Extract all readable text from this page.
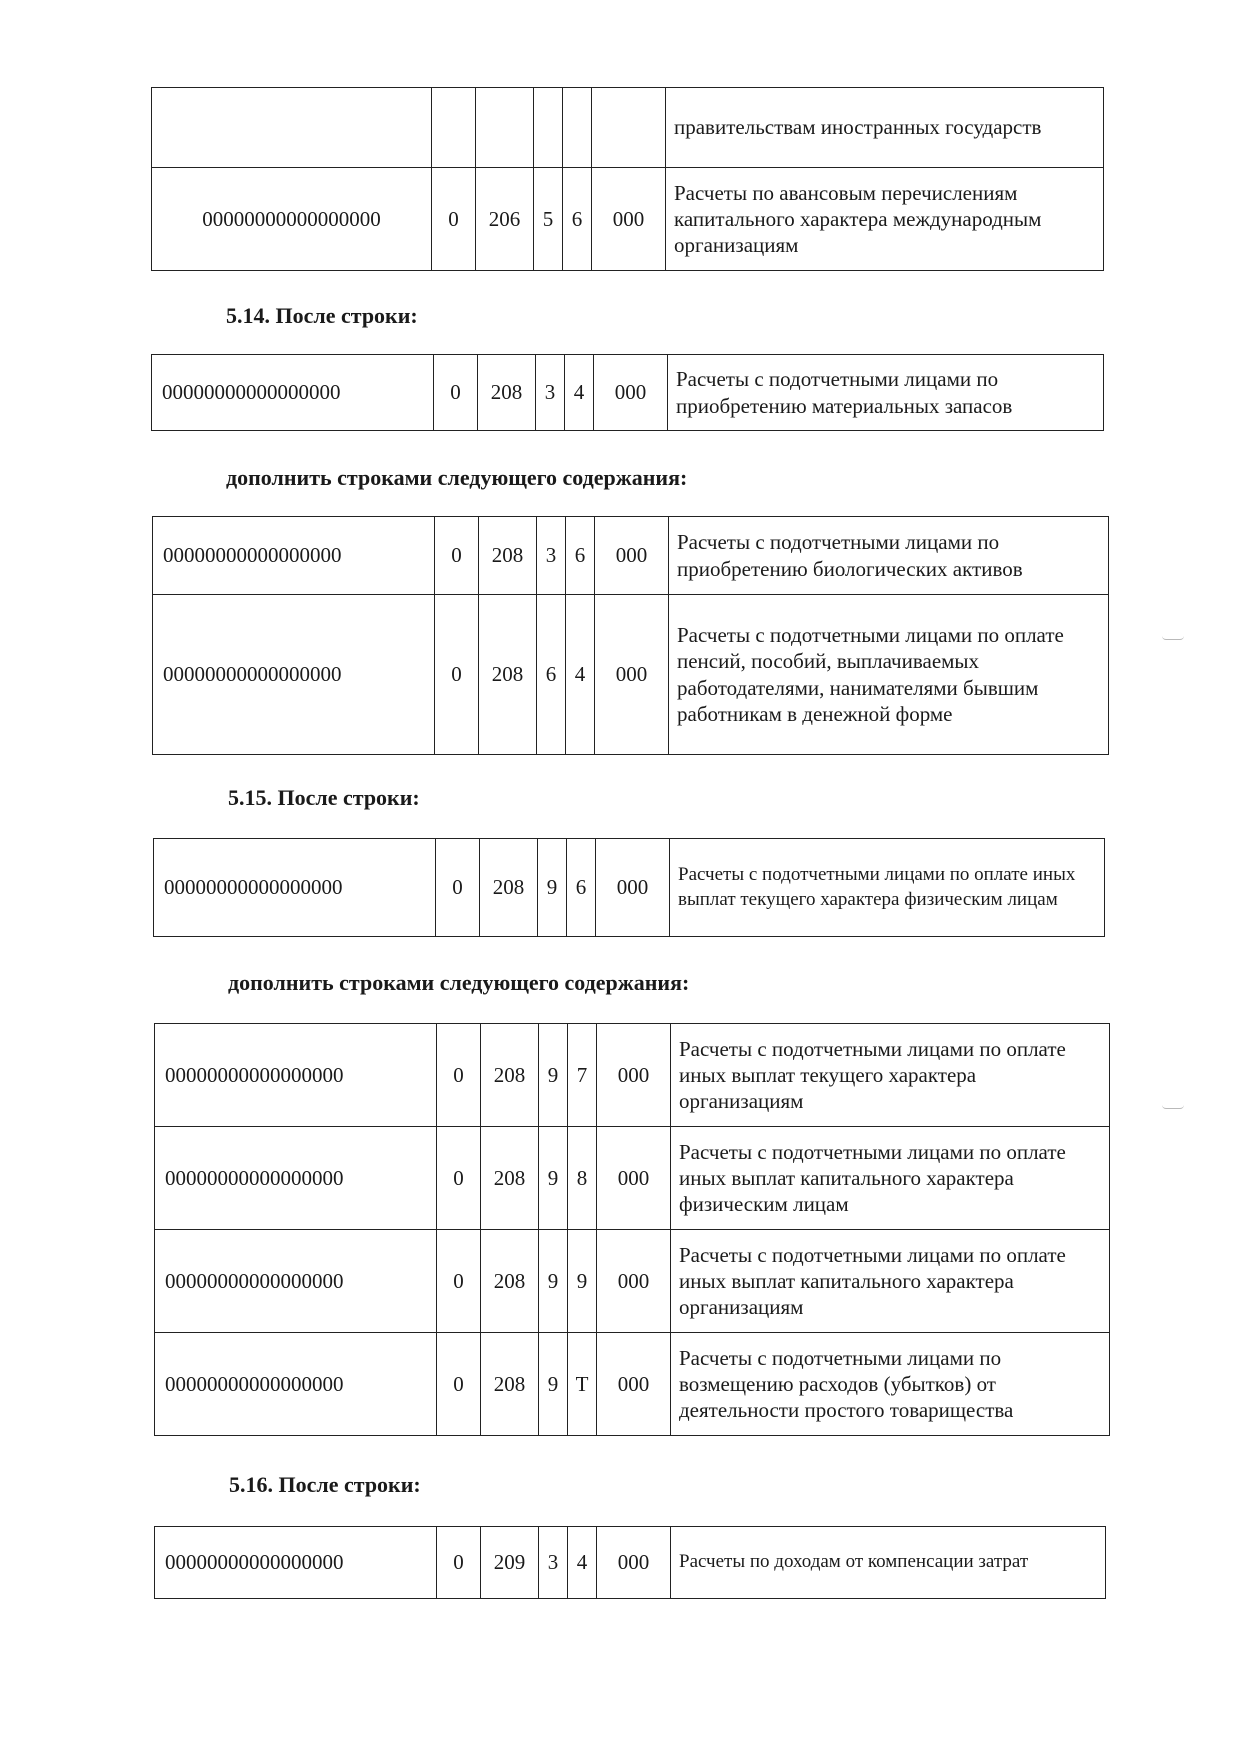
						правительствам иностранных государств
00000000000000000	0	206	5	6	000	Расчеты по авансовым перечислениям капитального характера международным организациям

5.14. После строки:

00000000000000000	0	208	3	4	000	Расчеты с подотчетными лицами по приобретению материальных запасов

дополнить строками следующего содержания:

00000000000000000	0	208	3	6	000	Расчеты с подотчетными лицами по приобретению биологических активов
00000000000000000	0	208	6	4	000	Расчеты с подотчетными лицами по оплате пенсий, пособий, выплачиваемых работодателями, нанимателями бывшим работникам в денежной форме

5.15. После строки:

00000000000000000	0	208	9	6	000	Расчеты с подотчетными лицами по оплате иных выплат текущего характера физическим лицам

дополнить строками следующего содержания:

00000000000000000	0	208	9	7	000	Расчеты с подотчетными лицами по оплате иных выплат текущего характера организациям
00000000000000000	0	208	9	8	000	Расчеты с подотчетными лицами по оплате иных выплат капитального характера физическим лицам
00000000000000000	0	208	9	9	000	Расчеты с подотчетными лицами по оплате иных выплат капитального характера организациям
00000000000000000	0	208	9	Т	000	Расчеты с подотчетными лицами по возмещению расходов (убытков) от деятельности простого товарищества

5.16. После строки:

00000000000000000	0	209	3	4	000	Расчеты по доходам от компенсации затрат
